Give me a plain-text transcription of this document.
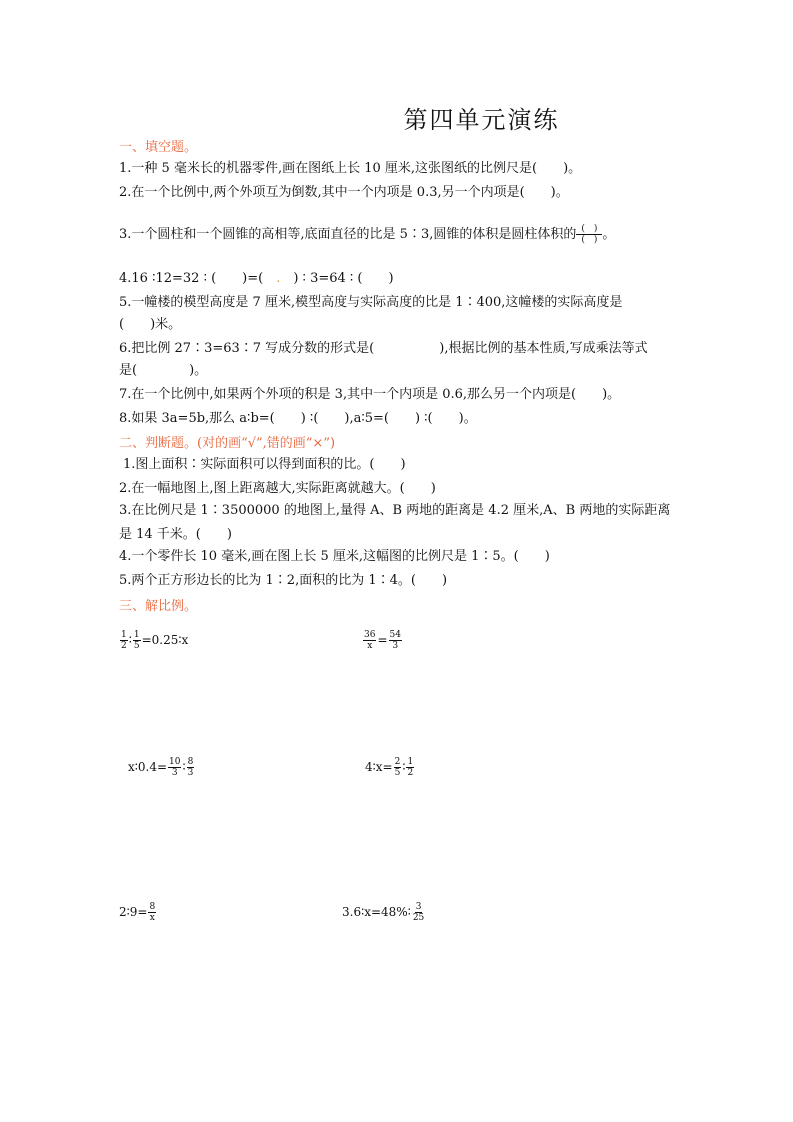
第四单元演练
一、填空题。
1.一种 5 毫米长的机器零件,画在图纸上长 10 厘米,这张图纸的比例尺是(　　)。
2.在一个比例中,两个外项互为倒数,其中一个内项是 0.3,另一个内项是(　　)。
3.一个圆柱和一个圆锥的高相等,底面直径的比是 5∶3,圆锥的体积是圆柱体积的 $\frac{( )}{( )}$ 。
4.16 ∶12=32 ∶ (　　)=(　.　) ∶ 3=64 ∶ (　　)
5.一幢楼的模型高度是 7 厘米,模型高度与实际高度的比是 1∶400,这幢楼的实际高度是
(　　)米。
6.把比例 27∶3=63∶7 写成分数的形式是(　　　　　),根据比例的基本性质,写成乘法等式
是(　　　　)。
7.在一个比例中,如果两个外项的积是 3,其中一个内项是 0.6,那么另一个内项是(　　)。
8.如果 3a=5b,那么 a∶b=(　　) ∶(　　),a∶5=(　　) ∶(　　)。
二、判断题。(对的画“√”,错的画“×”)
1.图上面积∶实际面积可以得到面积的比。(　　)
2.在一幅地图上,图上距离越大,实际距离就越大。(　　)
3.在比例尺是 1∶3500000 的地图上,量得 A、B 两地的距离是 4.2 厘米,A、B 两地的实际距离
是 14 千米。(　　)
4.一个零件长 10 毫米,画在图上长 5 厘米,这幅图的比例尺是 1∶5。(　　)
5.两个正方形边长的比为 1∶2,面积的比为 1∶4。(　　)
三、解比例。
$\frac{1}{2}$ ∶ $\frac{1}{5}$ =0.25∶x	$\frac{36}{x} = \frac{54}{3}$
x∶0.4= $\frac{10}{3}$ ∶ $\frac{8}{3}$	4∶x= $\frac{2}{5}$ ∶ $\frac{1}{2}$
2∶9= $\frac{8}{x}$	3.6∶x=48%∶ $\frac{3}{25}$
